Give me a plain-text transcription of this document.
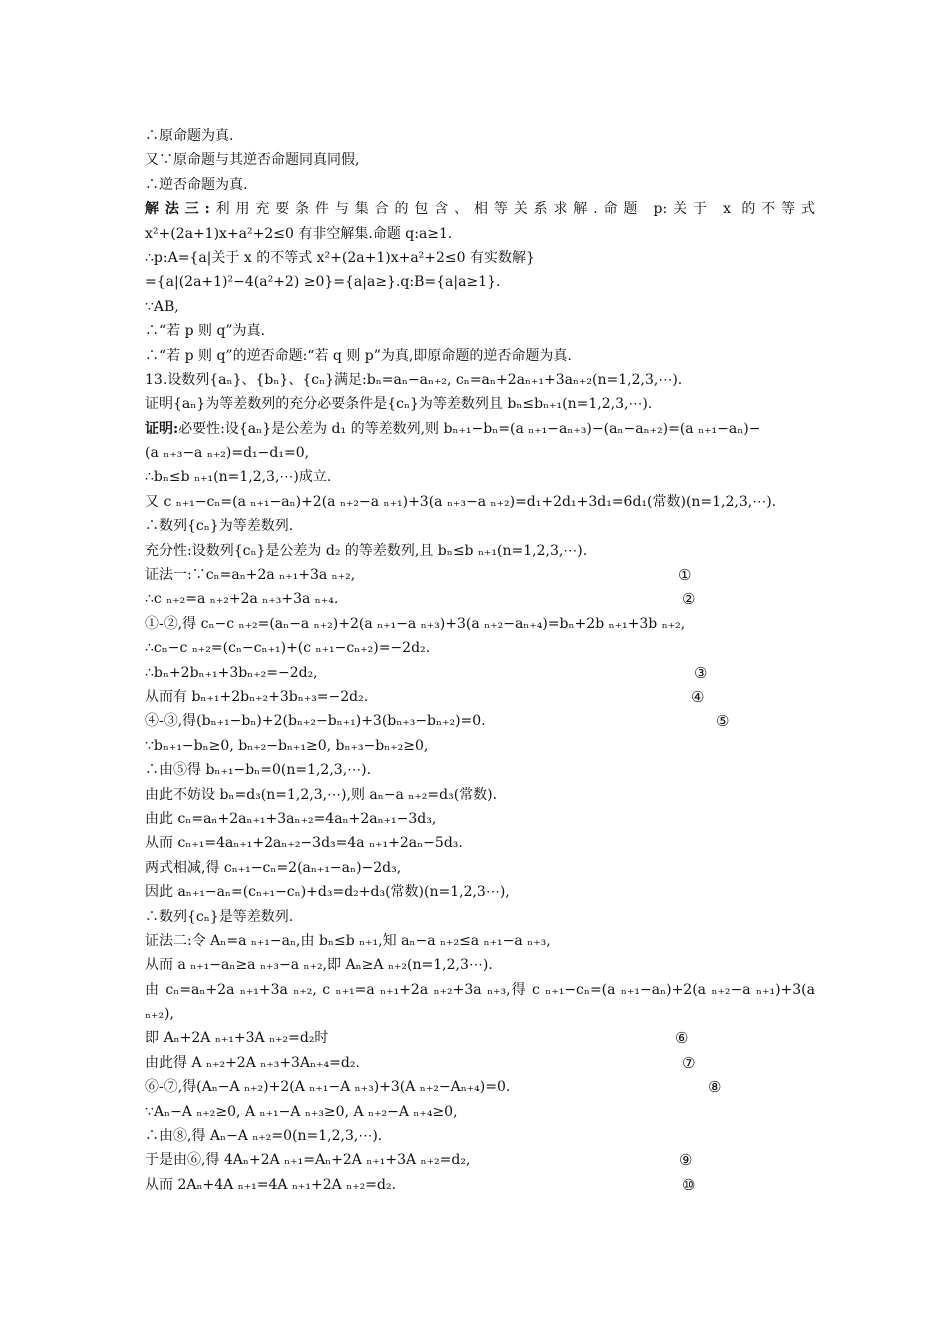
∴原命题为真.
又∵原命题与其逆否命题同真同假,
∴逆否命题为真.
解法三:利用充要条件与集合的包含、相等关系求解.命题 p:关于 x 的不等式
x²+(2a+1)x+a²+2≤0 有非空解集.命题 q:a≥1.
∴p:A={a|关于 x 的不等式 x²+(2a+1)x+a²+2≤0 有实数解}
={a|(2a+1)²−4(a²+2) ≥0}={a|a≥}.q:B={a|a≥1}.
∵AB,
∴“若 p 则 q”为真.
∴“若 p 则 q”的逆否命题:“若 q 则 p”为真,即原命题的逆否命题为真.
13.设数列{aₙ}、{bₙ}、{cₙ}满足:bₙ=aₙ−aₙ₊₂, cₙ=aₙ+2aₙ₊₁+3aₙ₊₂(n=1,2,3,⋯).
证明{aₙ}为等差数列的充分必要条件是{cₙ}为等差数列且 bₙ≤bₙ₊₁(n=1,2,3,⋯).
证明:必要性:设{aₙ}是公差为 d₁ 的等差数列,则 bₙ₊₁−bₙ=(a ₙ₊₁−aₙ₊₃)−(aₙ−aₙ₊₂)=(a ₙ₊₁−aₙ)−
(a ₙ₊₃−a ₙ₊₂)=d₁−d₁=0,
∴bₙ≤b ₙ₊₁(n=1,2,3,⋯)成立.
又 c ₙ₊₁−cₙ=(a ₙ₊₁−aₙ)+2(a ₙ₊₂−a ₙ₊₁)+3(a ₙ₊₃−a ₙ₊₂)=d₁+2d₁+3d₁=6d₁(常数)(n=1,2,3,⋯).
∴数列{cₙ}为等差数列.
充分性:设数列{cₙ}是公差为 d₂ 的等差数列,且 bₙ≤b ₙ₊₁(n=1,2,3,⋯).
证法一:∵cₙ=aₙ+2a ₙ₊₁+3a ₙ₊₂,	①
∴c ₙ₊₂=a ₙ₊₂+2a ₙ₊₃+3a ₙ₊₄.	②
①-②,得 cₙ−c ₙ₊₂=(aₙ−a ₙ₊₂)+2(a ₙ₊₁−a ₙ₊₃)+3(a ₙ₊₂−aₙ₊₄)=bₙ+2b ₙ₊₁+3b ₙ₊₂,
∴cₙ−c ₙ₊₂=(cₙ−cₙ₊₁)+(c ₙ₊₁−cₙ₊₂)=−2d₂.
∴bₙ+2bₙ₊₁+3bₙ₊₂=−2d₂,	③
从而有 bₙ₊₁+2bₙ₊₂+3bₙ₊₃=−2d₂.	④
④-③,得(bₙ₊₁−bₙ)+2(bₙ₊₂−bₙ₊₁)+3(bₙ₊₃−bₙ₊₂)=0.	⑤
∵bₙ₊₁−bₙ≥0, bₙ₊₂−bₙ₊₁≥0, bₙ₊₃−bₙ₊₂≥0,
∴由⑤得 bₙ₊₁−bₙ=0(n=1,2,3,⋯).
由此不妨设 bₙ=d₃(n=1,2,3,⋯),则 aₙ−a ₙ₊₂=d₃(常数).
由此 cₙ=aₙ+2aₙ₊₁+3aₙ₊₂=4aₙ+2aₙ₊₁−3d₃,
从而 cₙ₊₁=4aₙ₊₁+2aₙ₊₂−3d₃=4a ₙ₊₁+2aₙ−5d₃.
两式相减,得 cₙ₊₁−cₙ=2(aₙ₊₁−aₙ)−2d₃,
因此 aₙ₊₁−aₙ=(cₙ₊₁−cₙ)+d₃=d₂+d₃(常数)(n=1,2,3⋯),
∴数列{cₙ}是等差数列.
证法二:令 Aₙ=a ₙ₊₁−aₙ,由 bₙ≤b ₙ₊₁,知 aₙ−a ₙ₊₂≤a ₙ₊₁−a ₙ₊₃,
从而 a ₙ₊₁−aₙ≥a ₙ₊₃−a ₙ₊₂,即 Aₙ≥A ₙ₊₂(n=1,2,3⋯).
由 cₙ=aₙ+2a ₙ₊₁+3a ₙ₊₂, c ₙ₊₁=a ₙ₊₁+2a ₙ₊₂+3a ₙ₊₃,得 c ₙ₊₁−cₙ=(a ₙ₊₁−aₙ)+2(a ₙ₊₂−a ₙ₊₁)+3(a
ₙ₊₂),
即 Aₙ+2A ₙ₊₁+3A ₙ₊₂=d₂时	⑥
由此得 A ₙ₊₂+2A ₙ₊₃+3Aₙ₊₄=d₂.	⑦
⑥-⑦,得(Aₙ−A ₙ₊₂)+2(A ₙ₊₁−A ₙ₊₃)+3(A ₙ₊₂−Aₙ₊₄)=0.	⑧
∵Aₙ−A ₙ₊₂≥0, A ₙ₊₁−A ₙ₊₃≥0, A ₙ₊₂−A ₙ₊₄≥0,
∴由⑧,得 Aₙ−A ₙ₊₂=0(n=1,2,3,⋯).
于是由⑥,得 4Aₙ+2A ₙ₊₁=Aₙ+2A ₙ₊₁+3A ₙ₊₂=d₂,	⑨
从而 2Aₙ+4A ₙ₊₁=4A ₙ₊₁+2A ₙ₊₂=d₂.	⑩
